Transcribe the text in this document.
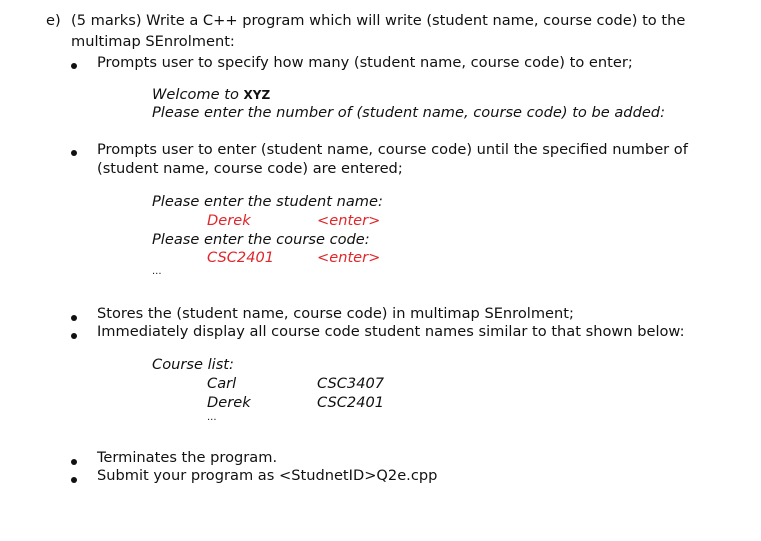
e) (5 marks) Write a C++ program which will write (student name, course code) to the
multimap SEnrolment:
Prompts user to specify how many (student name, course code) to enter;
Welcome to XYZ
Please enter the number of (student name, course code) to be added:
Prompts user to enter (student name, course code) until the specified number of
(student name, course code) are entered;
Please enter the student name:
Derek	<enter>
Please enter the course code:
CSC2401	<enter>
...
Stores the (student name, course code) in multimap SEnrolment;
Immediately display all course code student names similar to that shown below:
Course list:
Carl	CSC3407
Derek	CSC2401
...
Terminates the program.
Submit your program as <StudnetID>Q2e.cpp
